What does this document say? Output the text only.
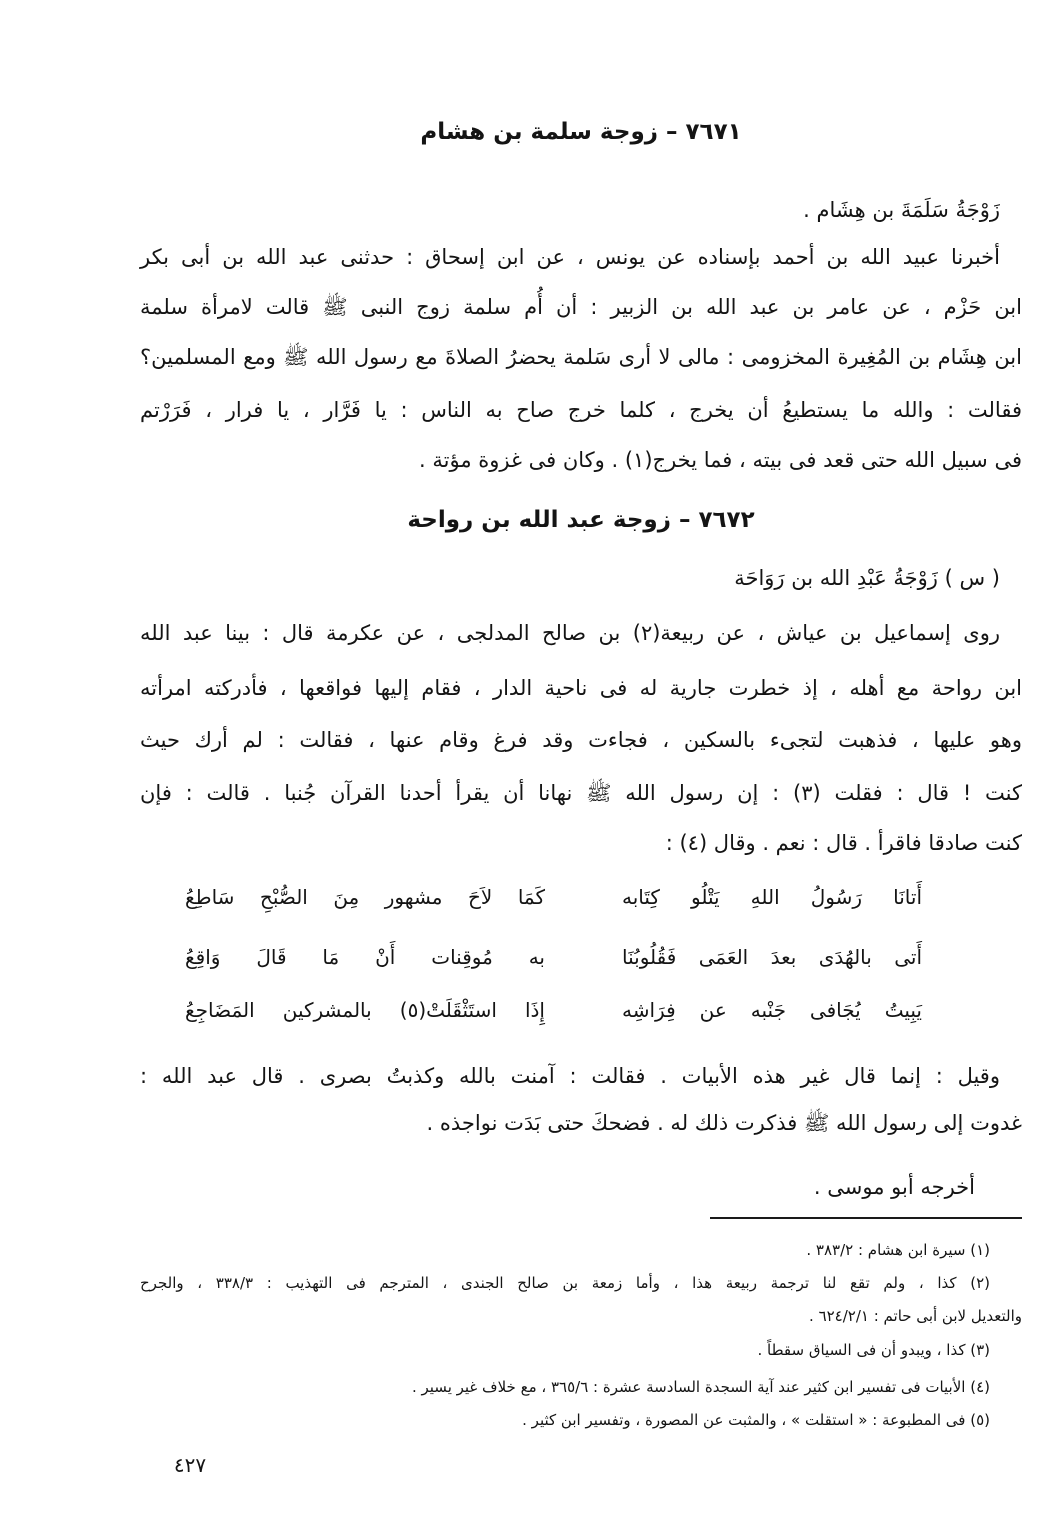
٧٦٧١ – زوجة سلمة بن هشام
زَوْجَةُ سَلَمَةَ بن هِشَام .
أخبرنا عبيد الله بن أحمد بإسناده عن يونس ، عن ابن إسحاق : حدثنى عبد الله بن أبى بكر
ابن حَزْم ، عن عامر بن عبد الله بن الزبير : أن أُم سلمة زوج النبى ﷺ قالت لامرأة سلمة
ابن هِشَام بن المُغِيرة المخزومى : مالى لا أرى سَلمة يحضرُ الصلاةَ مع رسول الله ﷺ ومع المسلمين؟
فقالت : والله ما يستطيعُ أن يخرج ، كلما خرج صاح به الناس : يا فَرَّار ، يا فرار ، فَرَرْتم
فى سبيل الله حتى قعد فى بيته ، فما يخرج(١) . وكان فى غزوة مؤتة .
٧٦٧٢ – زوجة عبد الله بن رواحة
( س ) زَوْجَةُ عَبْدِ الله بن رَوَاحَة
روى إسماعيل بن عياش ، عن ربيعة(٢) بن صالح المدلجى ، عن عكرمة قال : بينا عبد الله
ابن رواحة مع أهله ، إذ خطرت جارية له فى ناحية الدار ، فقام إليها فواقعها ، فأدركته امرأته
وهو عليها ، فذهبت لتجىء بالسكين ، فجاءت وقد فرغ وقام عنها ، فقالت : لم أرك حيث
كنت ! قال : فقلت (٣) : إن رسول الله ﷺ نهانا أن يقرأ أحدنا القرآن جُنبا . قالت : فإن
كنت صادقا فاقرأ . قال : نعم . وقال (٤) :
أَتانَا رَسُولُ اللهِ يَتْلُو كِتَابه
كَمَا لاَحَ مشهور مِنَ الصُّبْحِ سَاطِعُ
أَتى بالهُدَى بعدَ العَمَى فَقُلُوبُنَا
به مُوقِنات أَنْ مَا قَالَ وَاقِعُ
يَبِيتُ يُجَافى جَنْبه عن فِرَاشِه
إِذَا استَثْقَلَتْ(٥) بالمشركين المَضَاجِعُ
وقيل : إنما قال غير هذه الأبيات . فقالت : آمنت بالله وكذبتُ بصرى . قال عبد الله :
غدوت إلى رسول الله ﷺ فذكرت ذلك له . فضحكَ حتى بَدَت نواجذه .
أخرجه أبو موسى .
(١) سيرة ابن هشام : ٣٨٣/٢ .
(٢) كذا ، ولم تقع لنا ترجمة ربيعة هذا ، وأما زمعة بن صالح الجندى ، المترجم فى التهذيب : ٣٣٨/٣ ، والجرح
والتعديل لابن أبى حاتم : ٦٢٤/٢/١ .
(٣) كذا ، ويبدو أن فى السياق سقطاً .
(٤) الأبيات فى تفسير ابن كثير عند آية السجدة السادسة عشرة : ٣٦٥/٦ ، مع خلاف غير يسير .
(٥) فى المطبوعة : « استقلت » ، والمثبت عن المصورة ، وتفسير ابن كثير .
٤٢٧
